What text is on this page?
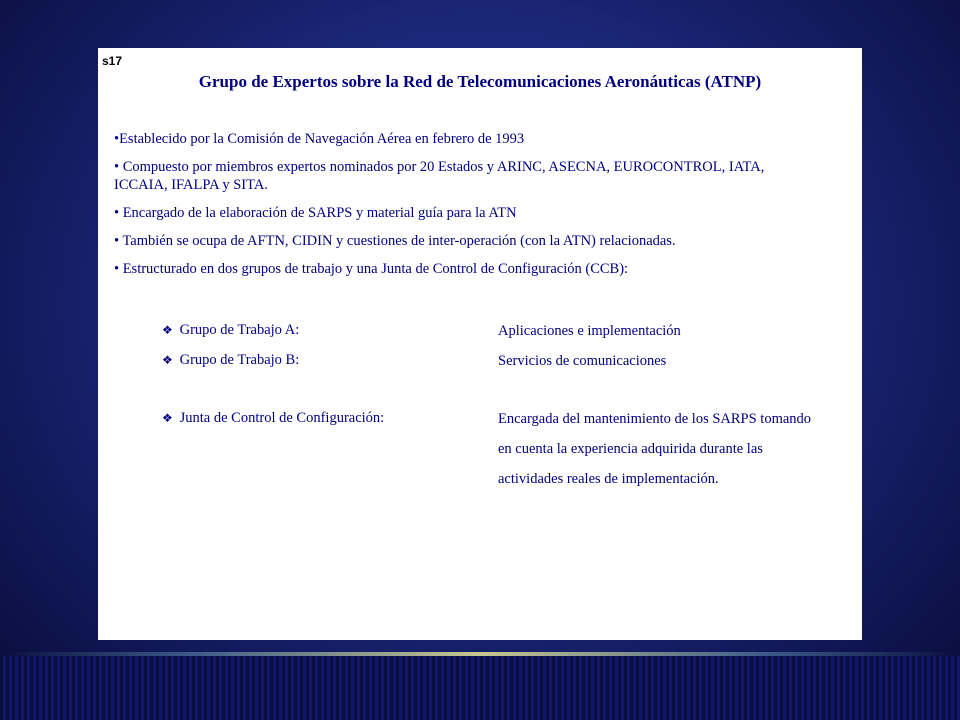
s17
Grupo de Expertos sobre la Red de Telecomunicaciones Aeronáuticas (ATNP)
•Establecido por la Comisión de Navegación Aérea en febrero de 1993
• Compuesto por miembros expertos nominados por 20 Estados y ARINC, ASECNA, EUROCONTROL, IATA, ICCAIA, IFALPA y SITA.
• Encargado de la elaboración de SARPS y material guía para la ATN
• También se ocupa de AFTN, CIDIN y cuestiones de inter-operación (con la ATN) relacionadas.
• Estructurado en dos grupos de trabajo y una Junta de Control de Configuración (CCB):
❖ Grupo de Trabajo A:	Aplicaciones e implementación
❖ Grupo de Trabajo B:	Servicios de comunicaciones
❖ Junta de Control de Configuración:	Encargada del mantenimiento de los SARPS tomando en cuenta la experiencia adquirida durante las actividades reales de implementación.
